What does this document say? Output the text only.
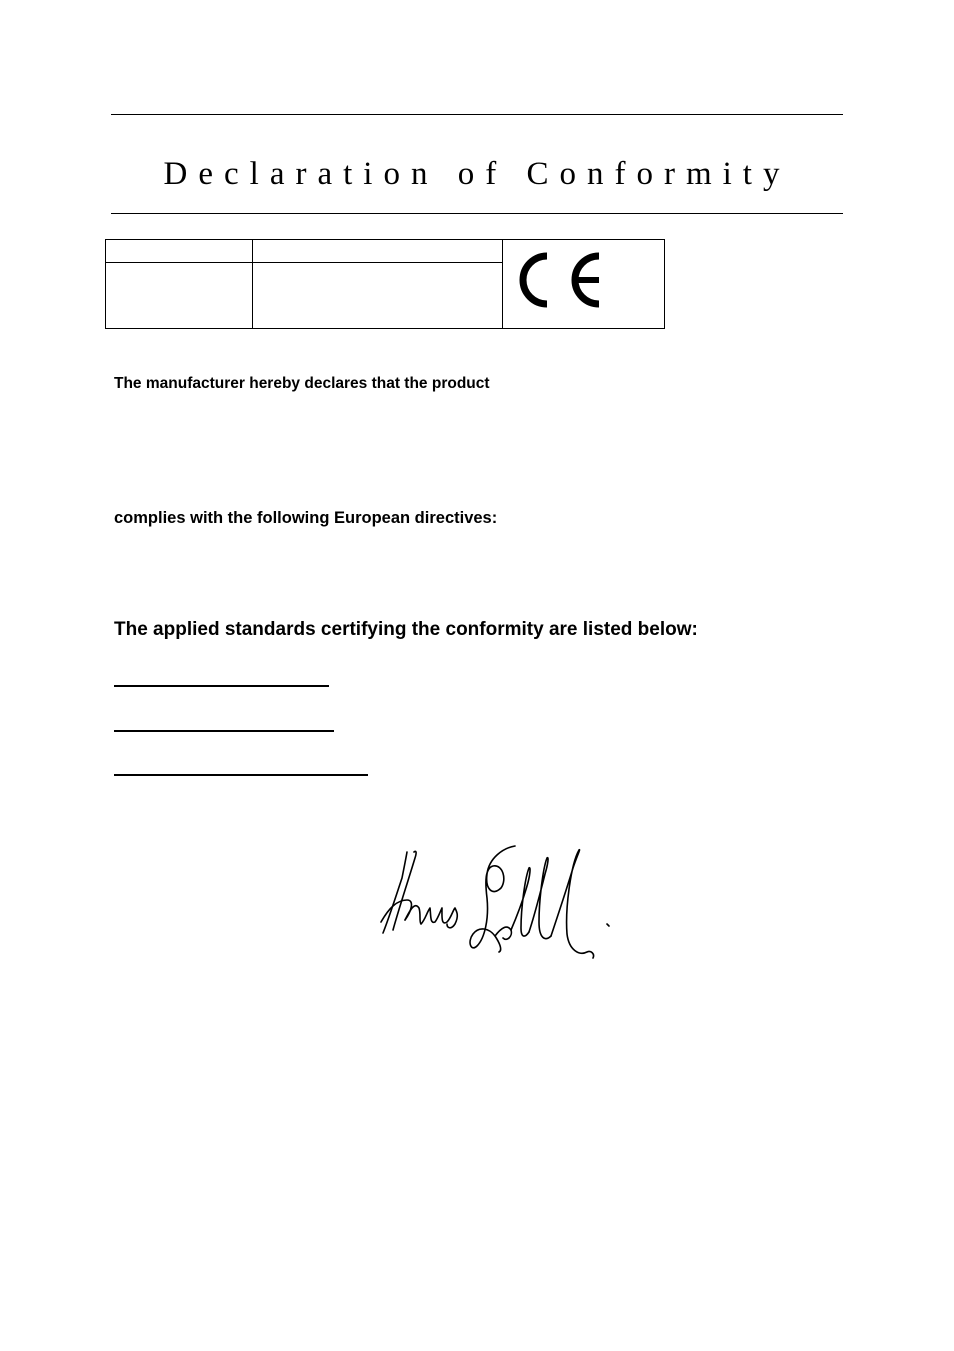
Declaration of Conformity

The manufacturer hereby declares that the product
complies with the following European directives:
The applied standards certifying the conformity are listed below:
